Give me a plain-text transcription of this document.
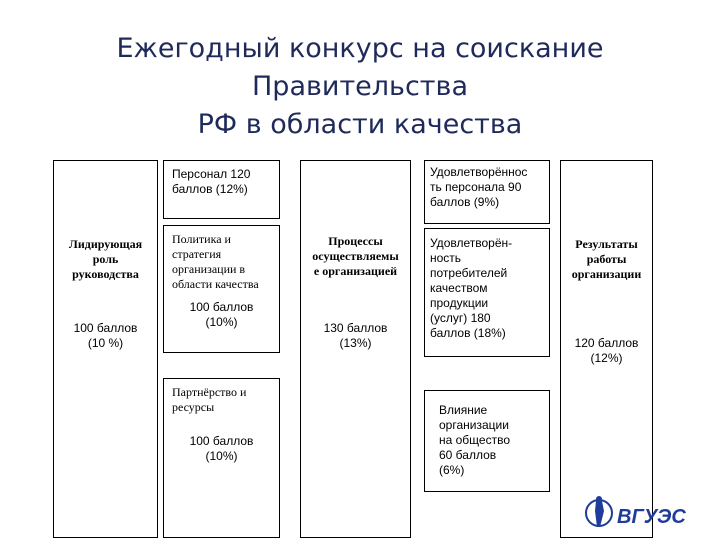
Ежегодный конкурс на соискание Правительства
РФ в области качества
Лидирующая
роль
руководства
100 баллов
(10 %)
Персонал 120
баллов (12%)
Политика и
стратегия
организации в
области качества
100 баллов
(10%)
Партнёрство и
ресурсы
100 баллов
(10%)
Процессы
осуществляемы
е организацией
130 баллов
(13%)
Удовлетворённос
ть персонала 90
баллов (9%)
Удовлетворён-
ность
потребителей
качеством
продукции
(услуг) 180
баллов (18%)
Влияние
организации
на общество
60 баллов
(6%)
Результаты
работы
организации
120 баллов
(12%)
ВГУЭС
